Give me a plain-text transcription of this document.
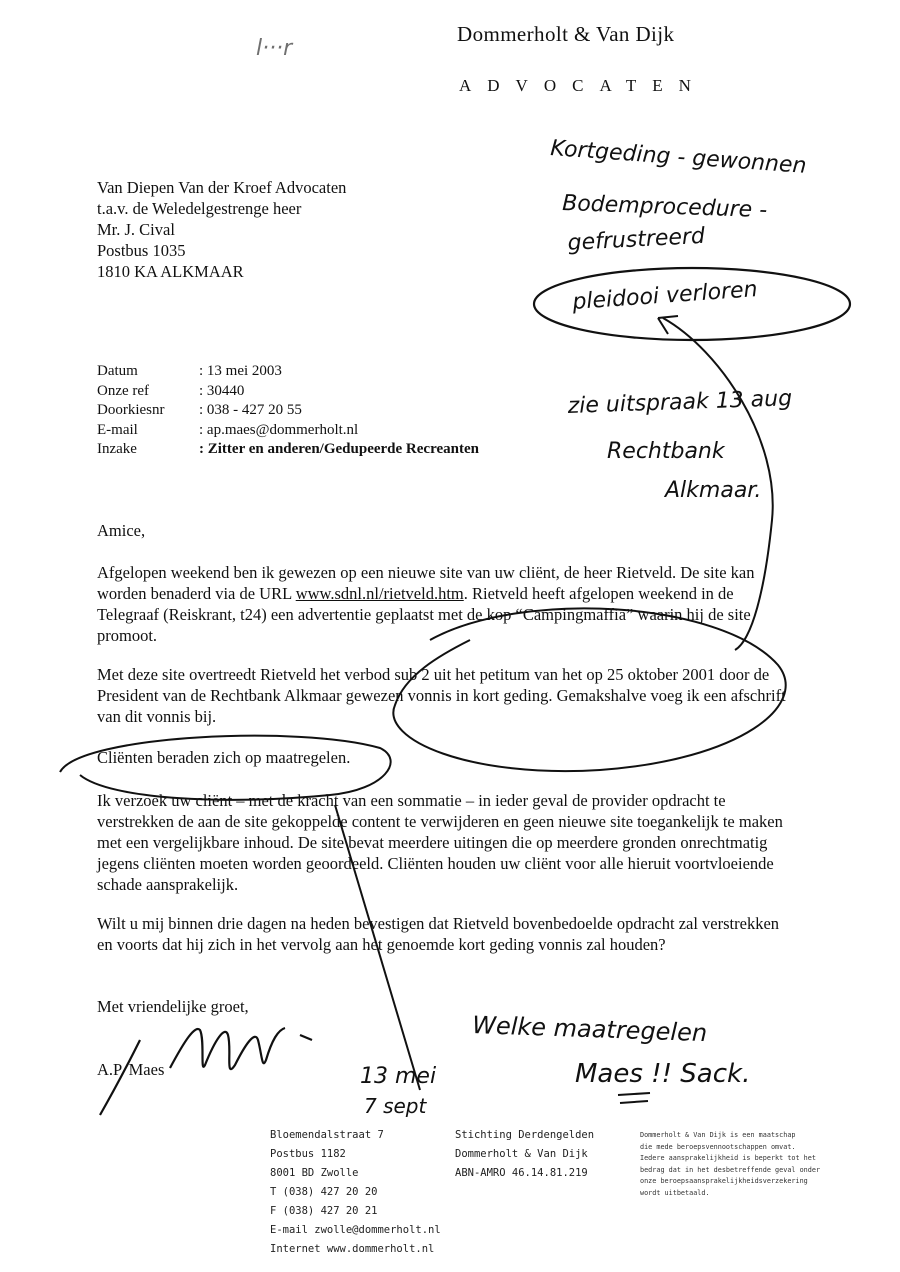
Dommerholt & Van Dijk
ADVOCATEN
Van Diepen Van der Kroef Advocaten
t.a.v. de Weledelgestrenge heer
Mr. J. Cival
Postbus 1035
1810 KA ALKMAAR
Datum	: 13 mei 2003
Onze ref	: 30440
Doorkiesnr	: 038 - 427 20 55
E-mail	: ap.maes@dommerholt.nl
Inzake	: Zitter en anderen/Gedupeerde Recreanten
Amice,

Afgelopen weekend ben ik gewezen op een nieuwe site van uw cliënt, de heer Rietveld. De site kan worden benaderd via de URL www.sdnl.nl/rietveld.htm. Rietveld heeft afgelopen weekend in de Telegraaf (Reiskrant, t24) een advertentie geplaatst met de kop “Campingmaffia” waarin hij de site promoot.

Met deze site overtreedt Rietveld het verbod sub 2 uit het petitum van het op 25 oktober 2001 door de President van de Rechtbank Alkmaar gewezen vonnis in kort geding. Gemakshalve voeg ik een afschrift van dit vonnis bij.

Cliënten beraden zich op maatregelen.

Ik verzoek uw cliënt – met de kracht van een sommatie – in ieder geval de provider opdracht te verstrekken de aan de site gekoppelde content te verwijderen en geen nieuwe site toegankelijk te maken met een vergelijkbare inhoud. De site bevat meerdere uitingen die op meerdere gronden onrechtmatig jegens cliënten moeten worden geoordeeld. Cliënten houden uw cliënt voor alle hieruit voortvloeiende schade aansprakelijk.

Wilt u mij binnen drie dagen na heden bevestigen dat Rietveld bovenbedoelde opdracht zal verstrekken en voorts dat hij zich in het vervolg aan het genoemde kort geding vonnis zal houden?

Met vriendelijke groet,
A.P. Maes
Bloemendalstraat 7
Postbus 1182
8001 BD Zwolle
T (038) 427 20 20
F (038) 427 20 21
E-mail zwolle@dommerholt.nl
Internet www.dommerholt.nl
Stichting Derdengelden
Dommerholt & Van Dijk
ABN-AMRO 46.14.81.219
Dommerholt & Van Dijk is een maatschap
die mede beroepsvennootschappen omvat.
Iedere aansprakelijkheid is beperkt tot het
bedrag dat in het desbetreffende geval onder
onze beroepsaansprakelijkheidsverzekering
wordt uitbetaald.
l···r
Kortgeding - gewonnen
Bodemprocedure -
gefrustreerd
pleidooi verloren
zie uitspraak 13 aug
Rechtbank
Alkmaar.
Welke maatregelen
Maes !! Sack.
13 mei
7 sept
